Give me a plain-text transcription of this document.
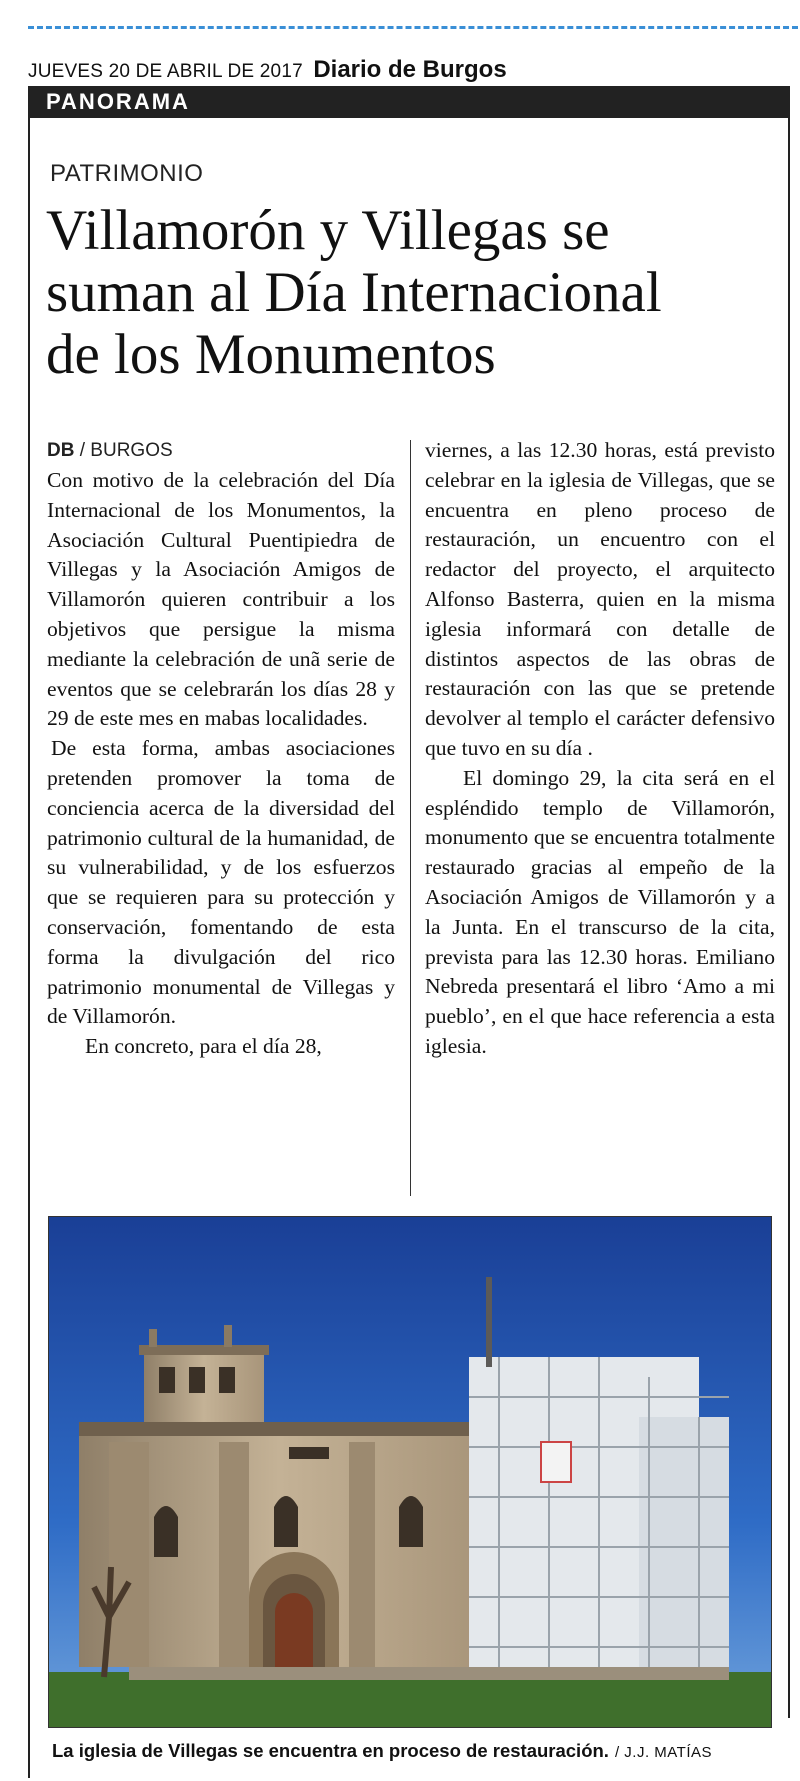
JUEVES 20 DE ABRIL DE 2017 Diario de Burgos
PANORAMA
PATRIMONIO
Villamorón y Villegas se
suman al Día Internacional
de los Monumentos
DB / BURGOS

Con motivo de la celebración del Día Internacional de los Monumentos, la Asociación Cultural Puentipiedra de Villegas y la Asociación Amigos de Villamorón quieren contribuir a los objetivos que persigue la misma mediante la celebración de unã serie de eventos que se celebrarán los días 28 y 29 de este mes en mabas localidades.

De esta forma, ambas asociaciones pretenden promover la toma de conciencia acerca de la diversidad del patrimonio cultural de la humanidad, de su vulnerabilidad, y de los esfuerzos que se requieren para su protección y conservación, fomentando de esta forma la divulgación del rico patrimonio monumental de Villegas y de Villamorón.

En concreto, para el día 28,

viernes, a las 12.30 horas, está previsto celebrar en la iglesia de Villegas, que se encuentra en pleno proceso de restauración, un encuentro con el redactor del proyecto, el arquitecto Alfonso Basterra, quien en la misma iglesia informará con detalle de distintos aspectos de las obras de restauración con las que se pretende devolver al templo el carácter defensivo que tuvo en su día .

El domingo 29, la cita será en el espléndido templo de Villamorón, monumento que se encuentra totalmente restaurado gracias al empeño de la Asociación Amigos de Villamorón y a la Junta. En el transcurso de la cita, prevista para las 12.30 horas. Emiliano Nebreda presentará el libro ‘Amo a mi pueblo’, en el que hace referencia a esta iglesia.

La iglesia de Villegas se encuentra en proceso de restauración. / J.J. MATÍAS
